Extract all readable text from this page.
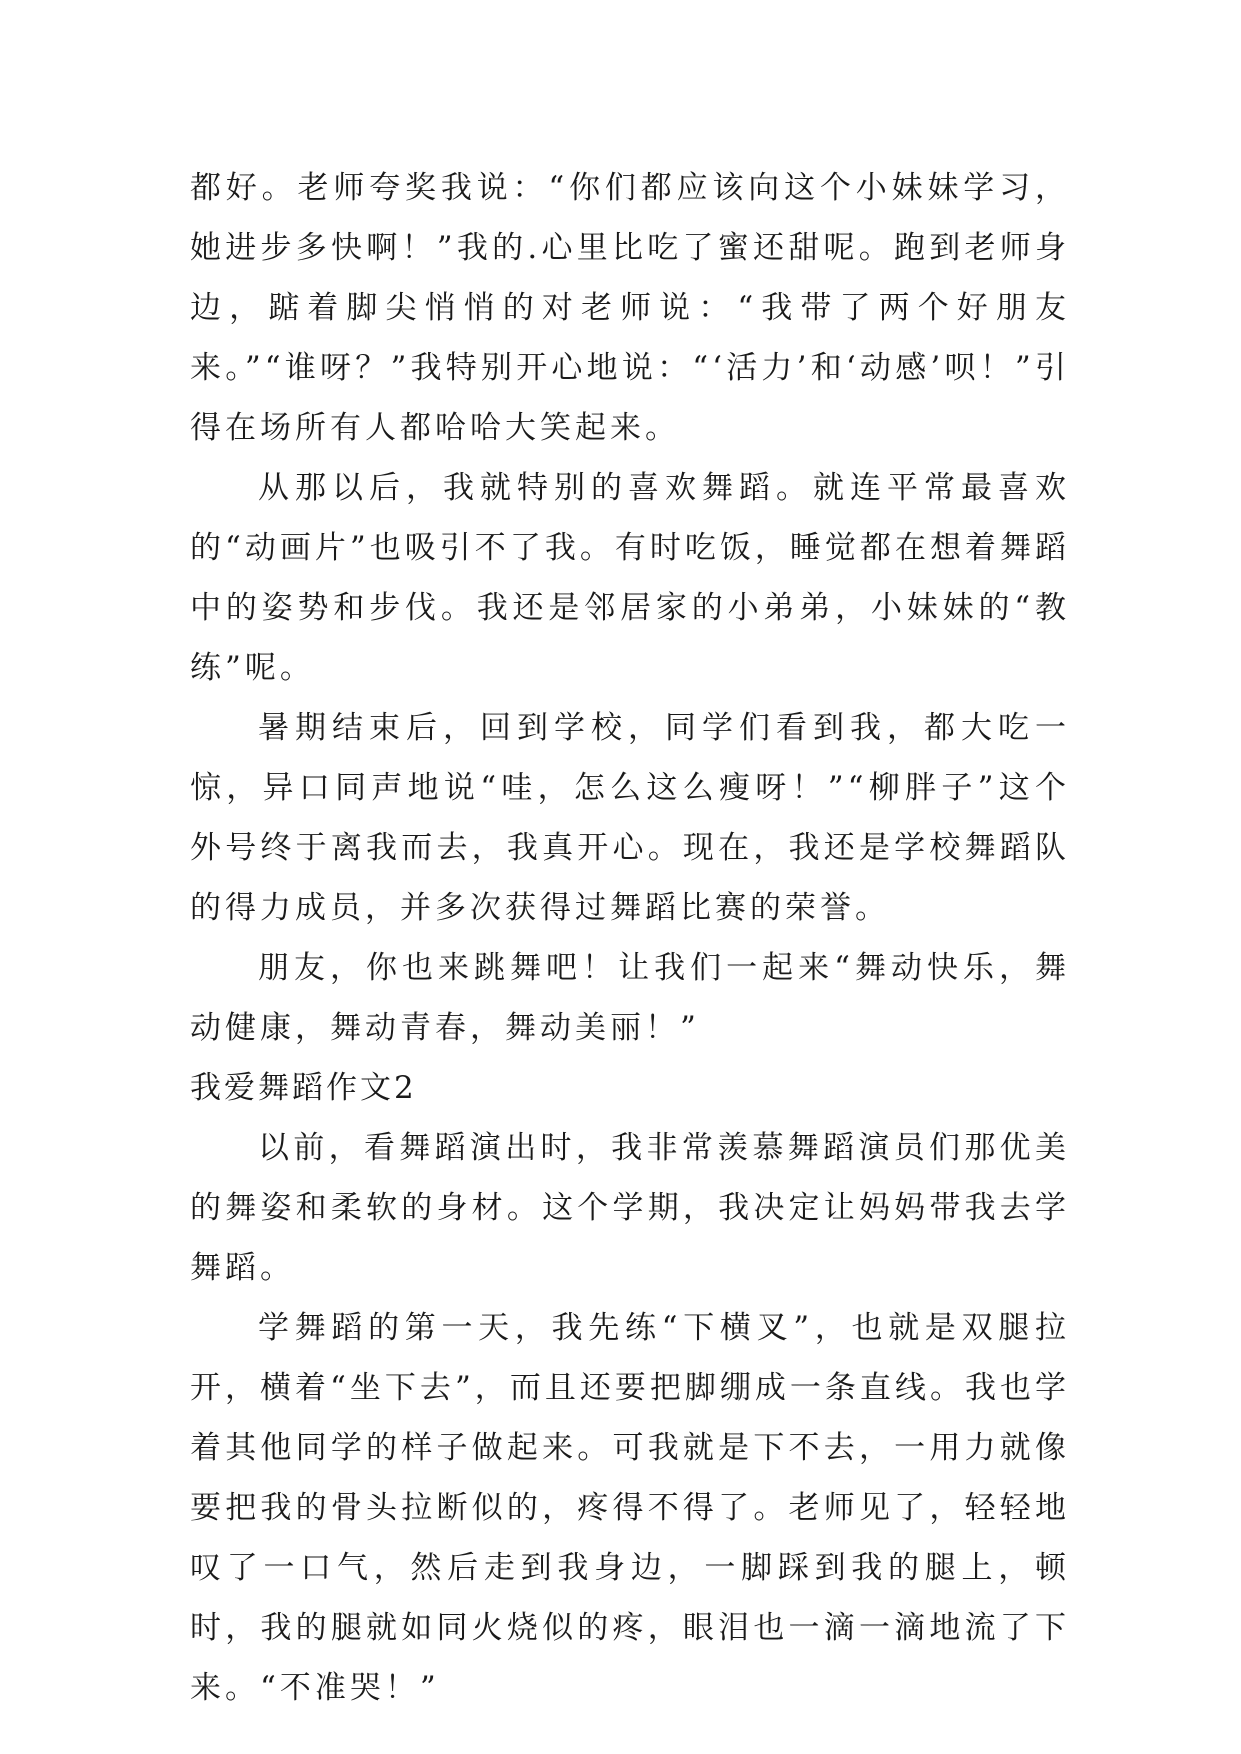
都好。老师夸奖我说：“你们都应该向这个小妹妹学习，她进步多快啊！”我的.心里比吃了蜜还甜呢。跑到老师身边，踮着脚尖悄悄的对老师说：“我带了两个好朋友来。”“谁呀？”我特别开心地说：“‘活力’和‘动感’呗！”引得在场所有人都哈哈大笑起来。

从那以后，我就特别的喜欢舞蹈。就连平常最喜欢的“动画片”也吸引不了我。有时吃饭，睡觉都在想着舞蹈中的姿势和步伐。我还是邻居家的小弟弟，小妹妹的“教练”呢。

暑期结束后，回到学校，同学们看到我，都大吃一惊，异口同声地说“哇，怎么这么瘦呀！”“柳胖子”这个外号终于离我而去，我真开心。现在，我还是学校舞蹈队的得力成员，并多次获得过舞蹈比赛的荣誉。

朋友，你也来跳舞吧！让我们一起来“舞动快乐，舞动健康，舞动青春，舞动美丽！”

我爱舞蹈作文2

以前，看舞蹈演出时，我非常羡慕舞蹈演员们那优美的舞姿和柔软的身材。这个学期，我决定让妈妈带我去学舞蹈。

学舞蹈的第一天，我先练“下横叉”，也就是双腿拉开，横着“坐下去”，而且还要把脚绷成一条直线。我也学着其他同学的样子做起来。可我就是下不去，一用力就像要把我的骨头拉断似的，疼得不得了。老师见了，轻轻地叹了一口气，然后走到我身边，一脚踩到我的腿上，顿时，我的腿就如同火烧似的疼，眼泪也一滴一滴地流了下来。“不准哭！”
